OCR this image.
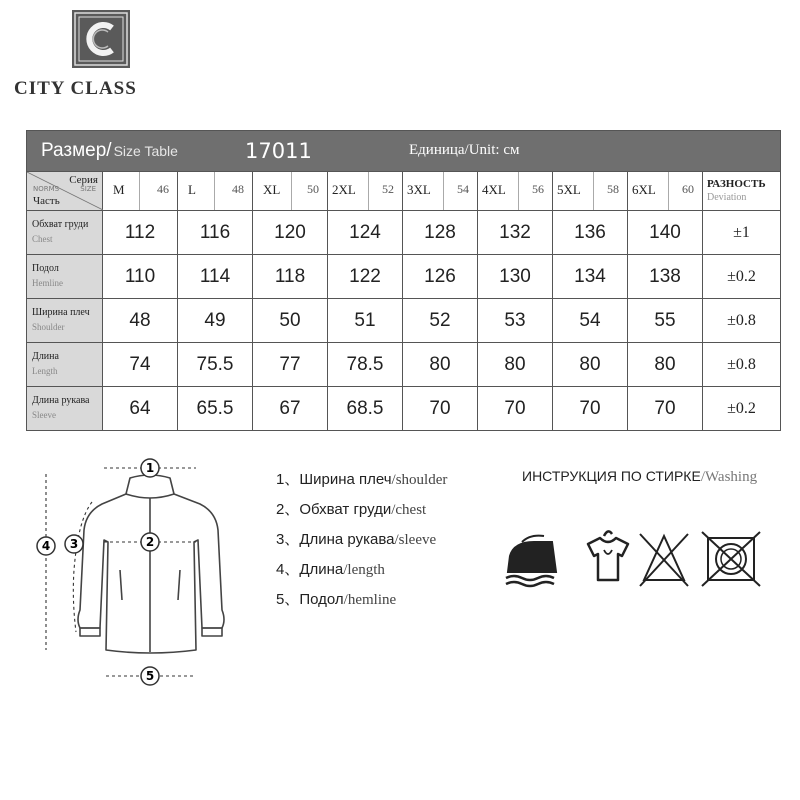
CITY CLASS
Размер/ Size Table 17011 Единица/Unit: см									

Серия
NORMS SIZE
Часть	M 46	L 48	XL 50	2XL 52	3XL 54	4XL 56	5XL 58	6XL 60	РАЗНОСТЬ
Deviation

Обхват груди
Chest	112	116	120	124	128	132	136	140	±1

Подол
Hemline	110	114	118	122	126	130	134	138	±0.2

Ширина плеч
Shoulder	48	49	50	51	52	53	54	55	±0.8

Длина
Length	74	75.5	77	78.5	80	80	80	80	±0.8

Длина рукава
Sleeve	64	65.5	67	68.5	70	70	70	70	±0.2
1
2
3
4
5
1、Ширина плеч/shoulder
2、Обхват груди/chest
3、Длина рукава/sleeve
4、Длина/length
5、Подол/hemline
ИНСТРУКЦИЯ ПО СТИРКЕ/Washing
